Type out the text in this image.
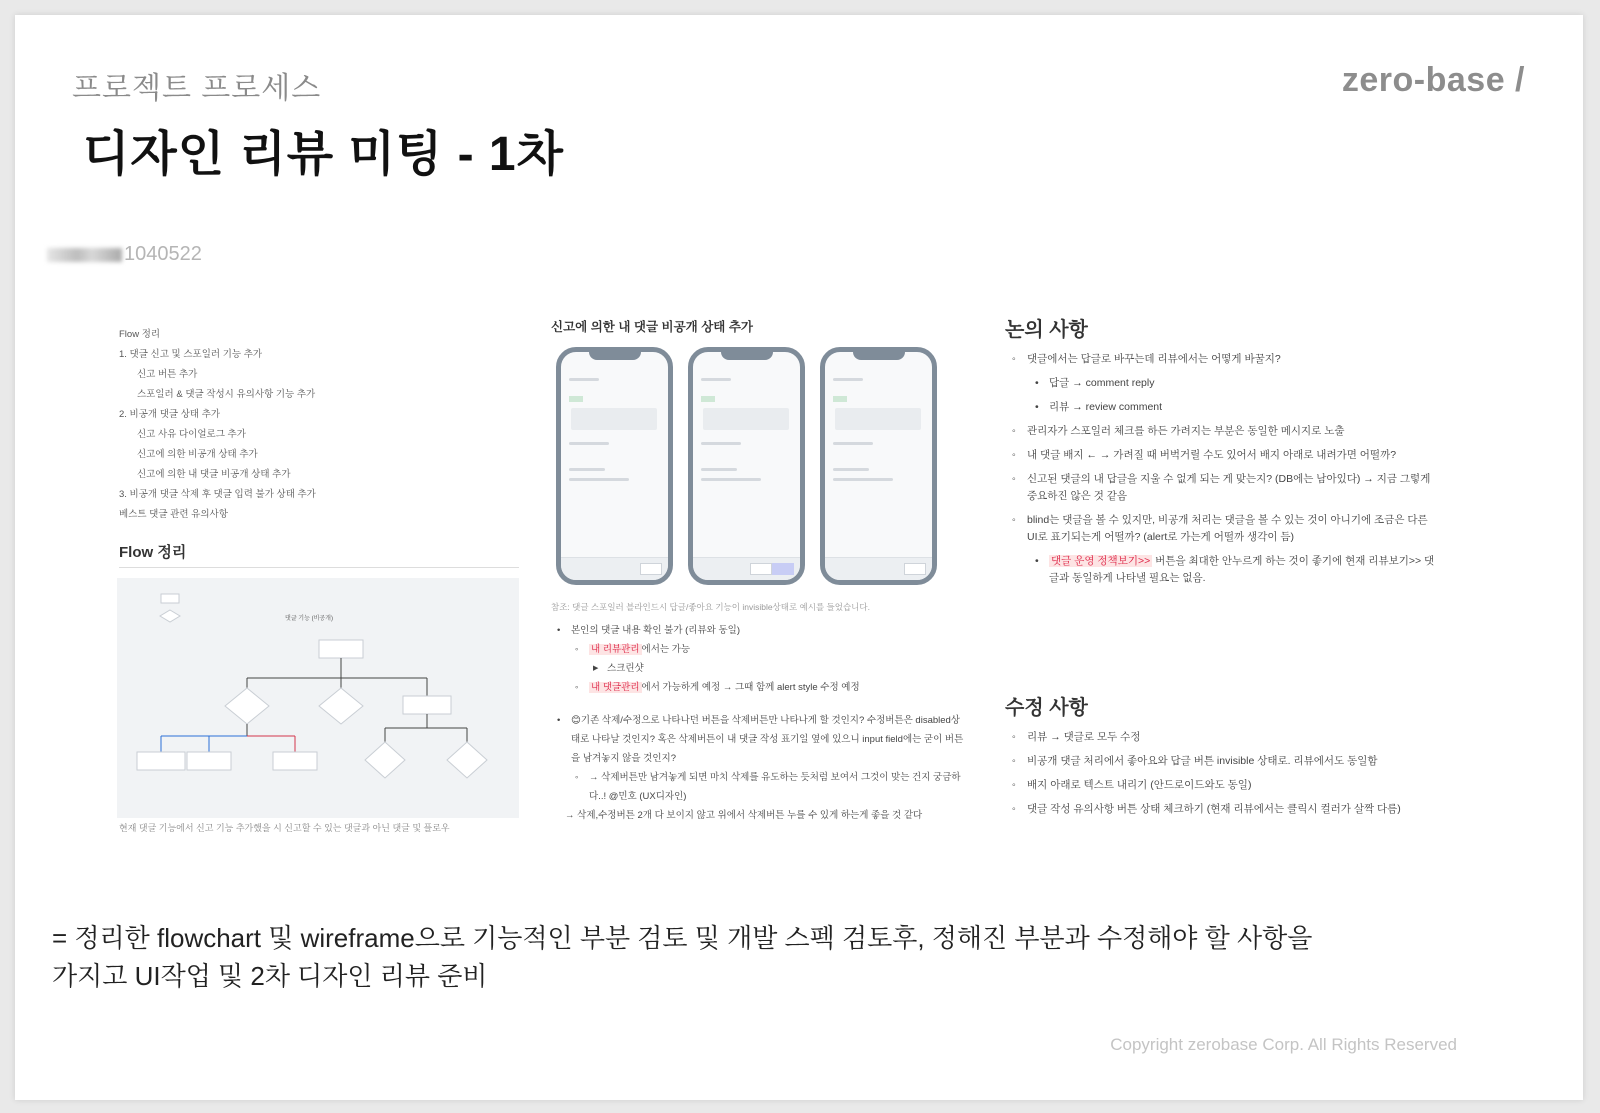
프로젝트 프로세스	zero-base /
디자인 리뷰 미팅 - 1차
1040522
Flow 정리
1. 댓글 신고 및 스포일러 기능 추가
신고 버튼 추가
스포일러 & 댓글 작성시 유의사항 기능 추가
2. 비공개 댓글 상태 추가
신고 사유 다이얼로그 추가
신고에 의한 비공개 상태 추가
신고에 의한 내 댓글 비공개 상태 추가
3. 비공개 댓글 삭제 후 댓글 입력 불가 상태 추가
베스트 댓글 관련 유의사항
Flow 정리
댓글 기능 (비공개)
현재 댓글 기능에서 신고 기능 추가했을 시 신고할 수 있는 댓글과 아닌 댓글 및 플로우
신고에 의한 내 댓글 비공개 상태 추가
참조: 댓글 스포일러 블라인드시 답글/좋아요 기능이 invisible상태로 예시를 들었습니다.
• 본인의 댓글 내용 확인 불가 (리뷰와 동일)
◦ 내 리뷰관리 에서는 가능
▶ 스크린샷
◦ 내 댓글관리 에서 가능하게 예정 → 그때 함께 alert style 수정 예정
• 😊기존 삭제/수정으로 나타나던 버튼을 삭제버튼만 나타나게 할 것인지? 수정버튼은 disabled상태로 나타날 것인지? 혹은 삭제버튼이 내 댓글 작성 표기일 옆에 있으니 input field에는 굳이 버튼을 남겨놓지 않을 것인지?
◦ → 삭제버튼만 남겨놓게 되면 마치 삭제를 유도하는 듯처럼 보여서 그것이 맞는 건지 궁금하다..! @민호 (UX디자인)
→ 삭제,수정버튼 2개 다 보이지 않고 위에서 삭제버튼 누를 수 있게 하는게 좋을 것 같다
논의 사항
◦ 댓글에서는 답글로 바꾸는데 리뷰에서는 어떻게 바꿀지?
• 답글 → comment reply
• 리뷰 → review comment
◦ 관리자가 스포일러 체크를 하든 가려지는 부분은 동일한 메시지로 노출
◦ 내 댓글 배지 ← → 가려질 때 버벅거릴 수도 있어서 배지 아래로 내려가면 어떨까?
◦ 신고된 댓글의 내 답글을 지울 수 없게 되는 게 맞는지? (DB에는 남아있다) → 지금 그렇게 중요하진 않은 것 같음
◦ blind는 댓글을 볼 수 있지만, 비공개 처리는 댓글을 볼 수 있는 것이 아니기에 조금은 다른 UI로 표기되는게 어떨까? (alert로 가는게 어떨까 생각이 듬)
• 댓글 운영 정책보기>> 버튼을 최대한 안누르게 하는 것이 좋기에 현재 리뷰보기>> 댓글과 동일하게 나타낼 필요는 없음.
수정 사항
◦ 리뷰 → 댓글로 모두 수정
◦ 비공개 댓글 처리에서 좋아요와 답글 버튼 invisible 상태로. 리뷰에서도 동일함
◦ 배지 아래로 텍스트 내리기 (안드로이드와도 동일)
◦ 댓글 작성 유의사항 버튼 상태 체크하기 (현재 리뷰에서는 클릭시 컬러가 살짝 다름)
= 정리한 flowchart 및 wireframe으로 기능적인 부분 검토 및 개발 스펙 검토후, 정해진 부분과 수정해야 할 사항을
가지고 UI작업 및 2차 디자인 리뷰 준비
Copyright zerobase Corp. All Rights Reserved
